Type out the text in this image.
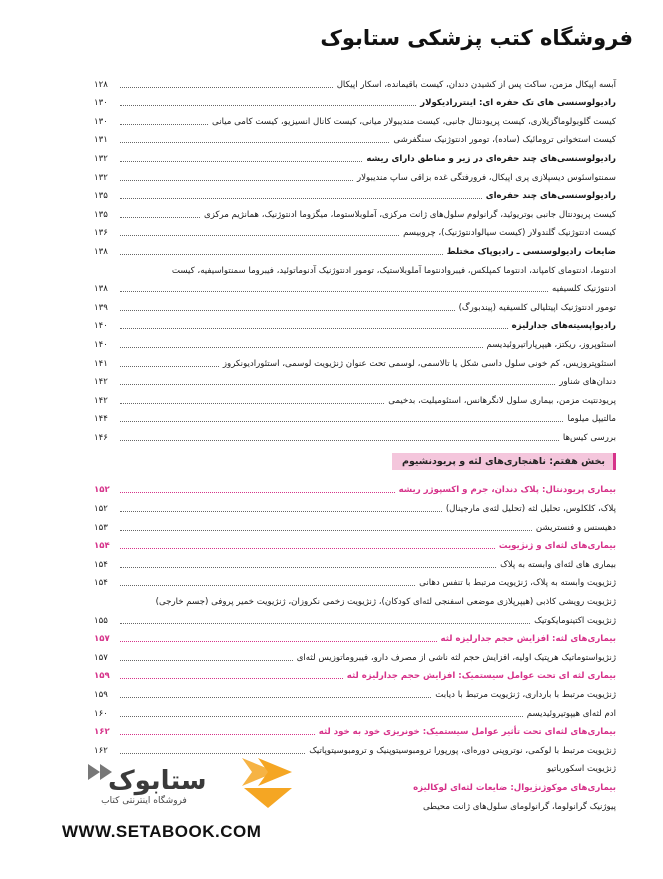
فروشگاه کتب پزشکی ستابوک
آبسه اپیکال مزمن، ساکت پس از کشیدن دندان، کیست باقیمانده، اسکار اپیکال
۱۲۸
رادیولوسنسی های تک حفره ای: اینتررادیکولار
۱۳۰
کیست گلوبولوماگزیلاری، کیست پریودنتال جانبی، کیست مندیبولار میانی، کیست کانال انسیزیو، کیست کامی میانی
۱۳۰
کیست استخوانی ترومائیک (ساده)، تومور ادنتوژنیک سنگفرشی
۱۳۱
رادیولوسنسی‌های چند حفره‌ای در زیر و مناطق دارای ریشه
۱۳۲
سمنتواسئوس دیسپلازی پری اپیکال، فرورفتگی غده بزاقی ساپ مندیبولار
۱۳۲
رادیولوسنسی‌های چند حفره‌ای
۱۳۵
کیست پریودنتال جانبی بوتریوئید، گرانولوم سلول‌های ژانت مرکزی، آملوبلاستوما، میگزوما ادنتوژنیک، همانژیم مرکزی
۱۳۵
کیست ادنتوژنیک گلندولار (کیست سیالوادنتوژنیک)، چروبیسم
۱۳۶
ضایعات رادیولوسنسی ـ رادیوپاک مختلط
۱۳۸
ادنتوما، ادنتومای کامپاند، ادنتوما کمپلکس، فیبروادنتوما آملوبلاستیک، تومور ادنتوژنیک آدنوماتوئید، فیبروما سمنتواسیفیه، کیست
ادنتوژنیک کلسیفیه
۱۳۸
تومور ادنتوژنیک اپیتلیالی کلسیفیه (پیندبورگ)
۱۳۹
رادیواپسیته‌های جدارلیزه
۱۴۰
استئوپروز، ریکتز، هیپرپاراتیروئیدیسم
۱۴۰
استئوپتروزیس، کم خونی سلول داسی شکل یا تالاسمی، لوسمی تحت عنوان ژنژیویت لوسمی، استئورادیونکروز
۱۴۱
دندان‌های شناور
۱۴۲
پریودنتیت مزمن، بیماری سلول لانگرهانس، استئومیلیت، بدخیمی
۱۴۲
مالتیپل میلوما
۱۴۴
بررسی کیس‌ها
۱۴۶
بخش هفتم: ناهنجاری‌های لثه و پریودنشیوم
بیماری پریودنتال: پلاک دندان، جرم و اکسپوژر ریشه
۱۵۲
پلاک، کلکلوس، تحلیل لثه (تحلیل لثه‌ی مارجینال)
۱۵۲
دهیسنس و فنستریشن
۱۵۳
بیماری‌های لثه‌ای و ژنژیویت
۱۵۴
بیماری های لثه‌ای وابسته به پلاک
۱۵۴
ژنژیویت وابسته به پلاک، ژنژیویت مرتبط با تنفس دهانی
۱۵۴
ژنژیویت رویشی کاذبی (هیپرپلازی موضعی اسفنجی لثه‌ای کودکان)، ژنژیویت زخمی نکروزان، ژنژیویت خمیر پروفی (جسم خارجی)
ژنژیویت اکتینومایکوتیک
۱۵۵
بیماری‌های لثه: افزایش حجم جدارلیزه لثه
۱۵۷
ژنژیواستوماتیک هرپتیک اولیه، افزایش حجم لثه ناشی از مصرف دارو، فیبروماتوزیس لثه‌ای
۱۵۷
بیماری لثه ای تحت عوامل سیستمیک: افزایش حجم جدارلیزه لثه
۱۵۹
ژنژیویت مرتبط با بارداری، ژنژیویت مرتبط با دیابت
۱۵۹
ادم لثه‌ای هیپوتیروئیدیسم
۱۶۰
بیماری‌های لثه‌ای تحت تأثیر عوامل سیستمیک: خونریزی خود به خود لثه
۱۶۲
ژنژیویت مرتبط با لوکمی، نوتروپنی دوره‌ای، پورپورا ترومبوسیتوپنیک و ترومبوسیتوپاتیک
۱۶۲
ژنژیویت اسکورباتیو
بیماری‌های موکوژنژیوال: ضایعات لثه‌ای لوکالیزه
پیوژنیک گرانولوما، گرانولومای سلول‌های ژانت محیطی
ستابوک
فروشگاه اینترنتی کتاب
WWW.SETABOOK.COM
